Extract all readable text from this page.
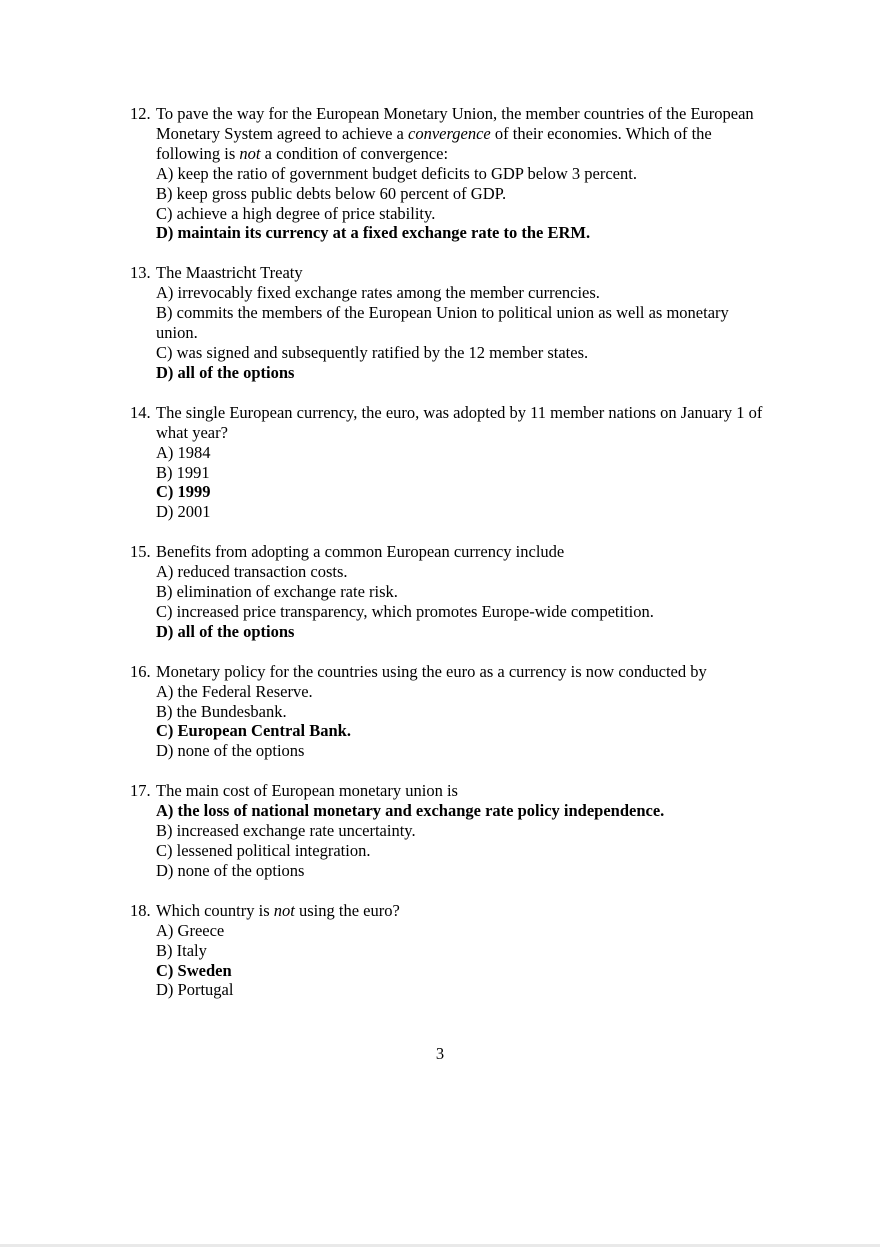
12. To pave the way for the European Monetary Union, the member countries of the European Monetary System agreed to achieve a convergence of their economies. Which of the following is not a condition of convergence:
A) keep the ratio of government budget deficits to GDP below 3 percent.
B) keep gross public debts below 60 percent of GDP.
C) achieve a high degree of price stability.
D) maintain its currency at a fixed exchange rate to the ERM.
13. The Maastricht Treaty
A) irrevocably fixed exchange rates among the member currencies.
B) commits the members of the European Union to political union as well as monetary union.
C) was signed and subsequently ratified by the 12 member states.
D) all of the options
14. The single European currency, the euro, was adopted by 11 member nations on January 1 of what year?
A) 1984
B) 1991
C) 1999
D) 2001
15. Benefits from adopting a common European currency include
A) reduced transaction costs.
B) elimination of exchange rate risk.
C) increased price transparency, which promotes Europe-wide competition.
D) all of the options
16. Monetary policy for the countries using the euro as a currency is now conducted by
A) the Federal Reserve.
B) the Bundesbank.
C) European Central Bank.
D) none of the options
17. The main cost of European monetary union is
A) the loss of national monetary and exchange rate policy independence.
B) increased exchange rate uncertainty.
C) lessened political integration.
D) none of the options
18. Which country is not using the euro?
A) Greece
B) Italy
C) Sweden
D) Portugal
3
